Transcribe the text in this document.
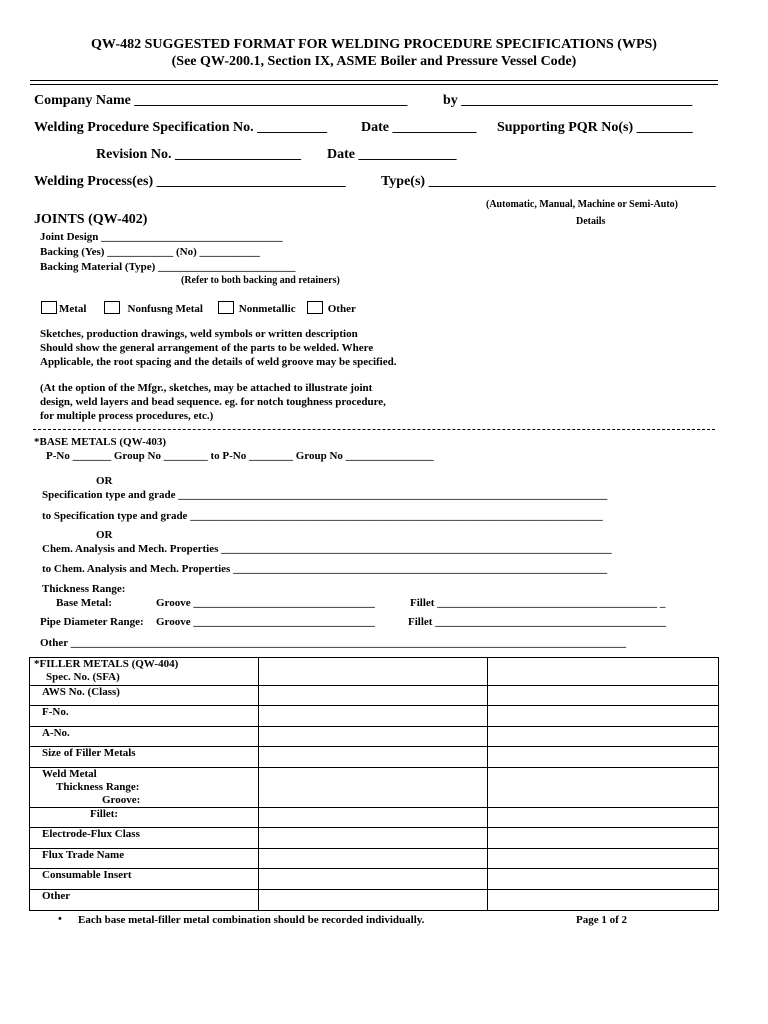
QW-482 SUGGESTED FORMAT FOR WELDING PROCEDURE SPECIFICATIONS (WPS)
(See QW-200.1, Section IX, ASME Boiler and Pressure Vessel Code)
Company Name _______________________________________	by _________________________________
Welding Procedure Specification No. __________ Date ____________ Supporting PQR No(s) ________
Revision No. __________________ Date ______________
Welding Process(es) ___________________________	Type(s) _________________________________________
(Automatic, Manual, Machine or Semi-Auto)
JOINTS (QW-402)	Details
Joint Design _________________________________
Backing (Yes) ____________ (No) ___________
Backing Material (Type) _________________________
(Refer to both backing and retainers)
Metal	Nonfusng Metal	Nonmetallic	Other
Sketches, production drawings, weld symbols or written description
Should show the general arrangement of the parts to be welded. Where
Applicable, the root spacing and the details of weld groove may be specified.
(At the option of the Mfgr., sketches, may be attached to illustrate joint
design, weld layers and bead sequence. eg. for notch toughness procedure,
for multiple process procedures, etc.)
*BASE METALS (QW-403)
P-No _______ Group No ________ to P-No ________ Group No ________________
OR
Specification type and grade ______________________________________________________________________________
to Specification type and grade ___________________________________________________________________________
OR
Chem. Analysis and Mech. Properties _______________________________________________________________________
to Chem. Analysis and Mech. Properties ____________________________________________________________________
Thickness Range:
Base Metal:	Groove _________________________________	Fillet ________________________________________ _
Pipe Diameter Range: Groove _________________________________	Fillet __________________________________________
Other _____________________________________________________________________________________________________
*FILLER METALS (QW-404)
Spec. No. (SFA)		

AWS No. (Class)		
F-No.		
A-No.		
Size of Filler Metals		

Weld Metal
Thickness Range:
Groove:		

Fillet:		
Electrode-Flux Class		
Flux Trade Name		
Consumable Insert		
Other		
• Each base metal-filler metal combination should be recorded individually.	Page 1 of 2
